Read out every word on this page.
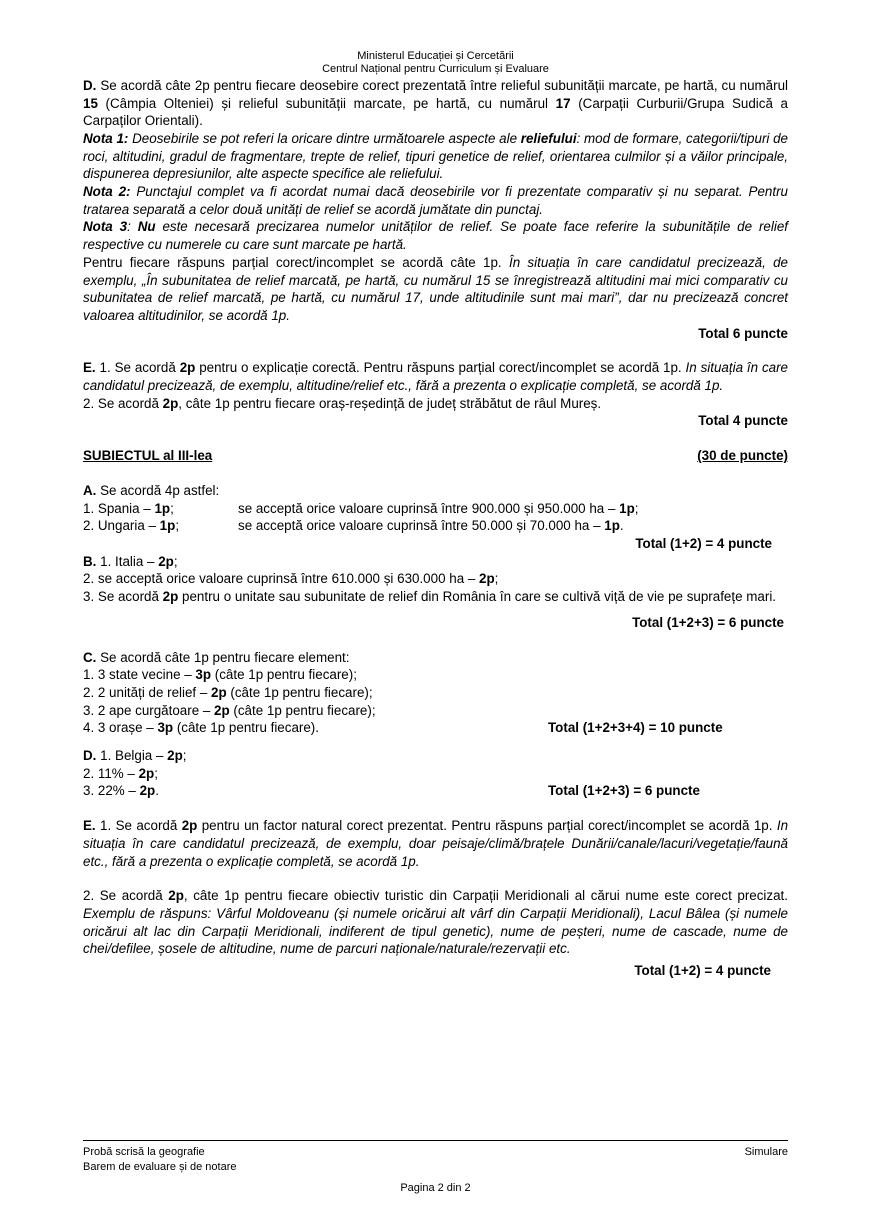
Ministerul Educației și Cercetării
Centrul Național pentru Curriculum și Evaluare

D. Se acordă câte 2p pentru fiecare deosebire corect prezentată între relieful subunității marcate, pe hartă, cu numărul 15 (Câmpia Olteniei) și relieful subunității marcate, pe hartă, cu numărul 17 (Carpații Curburii/Grupa Sudică a Carpaților Orientali).

Nota 1: Deosebirile se pot referi la oricare dintre următoarele aspecte ale reliefului: mod de formare, categorii/tipuri de roci, altitudini, gradul de fragmentare, trepte de relief, tipuri genetice de relief, orientarea culmilor și a văilor principale, dispunerea depresiunilor, alte aspecte specifice ale reliefului.

Nota 2: Punctajul complet va fi acordat numai dacă deosebirile vor fi prezentate comparativ și nu separat. Pentru tratarea separată a celor două unități de relief se acordă jumătate din punctaj.

Nota 3: Nu este necesară precizarea numelor unităților de relief. Se poate face referire la subunitățile de relief respective cu numerele cu care sunt marcate pe hartă.

Pentru fiecare răspuns parțial corect/incomplet se acordă câte 1p. În situația în care candidatul precizează, de exemplu, „În subunitatea de relief marcată, pe hartă, cu numărul 15 se înregistrează altitudini mai mici comparativ cu subunitatea de relief marcată, pe hartă, cu numărul 17, unde altitudinile sunt mai mari”, dar nu precizează concret valoarea altitudinilor, se acordă 1p.

Total 6 puncte

E. 1. Se acordă 2p pentru o explicație corectă. Pentru răspuns parțial corect/incomplet se acordă 1p. In situația în care candidatul precizează, de exemplu, altitudine/relief etc., fără a prezenta o explicație completă, se acordă 1p.

2. Se acordă 2p, câte 1p pentru fiecare oraș-reședință de județ străbătut de râul Mureș.

Total 4 puncte
SUBIECTUL al III-lea	(30 de puncte)

A. Se acordă 4p astfel:

1. Spania – 1p;	se acceptă orice valoare cuprinsă între 900.000 și 950.000 ha – 1p;
2. Ungaria – 1p;	se acceptă orice valoare cuprinsă între 50.000 și 70.000 ha – 1p.
Total (1+2) = 4 puncte

B. 1. Italia – 2p;

2. se acceptă orice valoare cuprinsă între 610.000 și 630.000 ha – 2p;

3. Se acordă 2p pentru o unitate sau subunitate de relief din România în care se cultivă viță de vie pe suprafețe mari.

Total (1+2+3) = 6 puncte

C. Se acordă câte 1p pentru fiecare element:

1. 3 state vecine – 3p (câte 1p pentru fiecare);

2. 2 unități de relief – 2p (câte 1p pentru fiecare);

3. 2 ape curgătoare – 2p (câte 1p pentru fiecare);

4. 3 orașe – 3p (câte 1p pentru fiecare).	Total (1+2+3+4) = 10 puncte

D. 1. Belgia – 2p;

2. 11% – 2p;

3. 22% – 2p.	Total (1+2+3) = 6 puncte

E. 1. Se acordă 2p pentru un factor natural corect prezentat. Pentru răspuns parțial corect/incomplet se acordă 1p. In situația în care candidatul precizează, de exemplu, doar peisaje/climă/brațele Dunării/canale/lacuri/vegetație/faună etc., fără a prezenta o explicație completă, se acordă 1p.

2. Se acordă 2p, câte 1p pentru fiecare obiectiv turistic din Carpații Meridionali al cărui nume este corect precizat. Exemplu de răspuns: Vârful Moldoveanu (și numele oricărui alt vârf din Carpații Meridionali), Lacul Bâlea (și numele oricărui alt lac din Carpații Meridionali, indiferent de tipul genetic), nume de peșteri, nume de cascade, nume de chei/defilee, șosele de altitudine, nume de parcuri naționale/naturale/rezervații etc.

Total (1+2) = 4 puncte
Probă scrisă la geografie	Simulare
Barem de evaluare și de notare
Pagina 2 din 2
